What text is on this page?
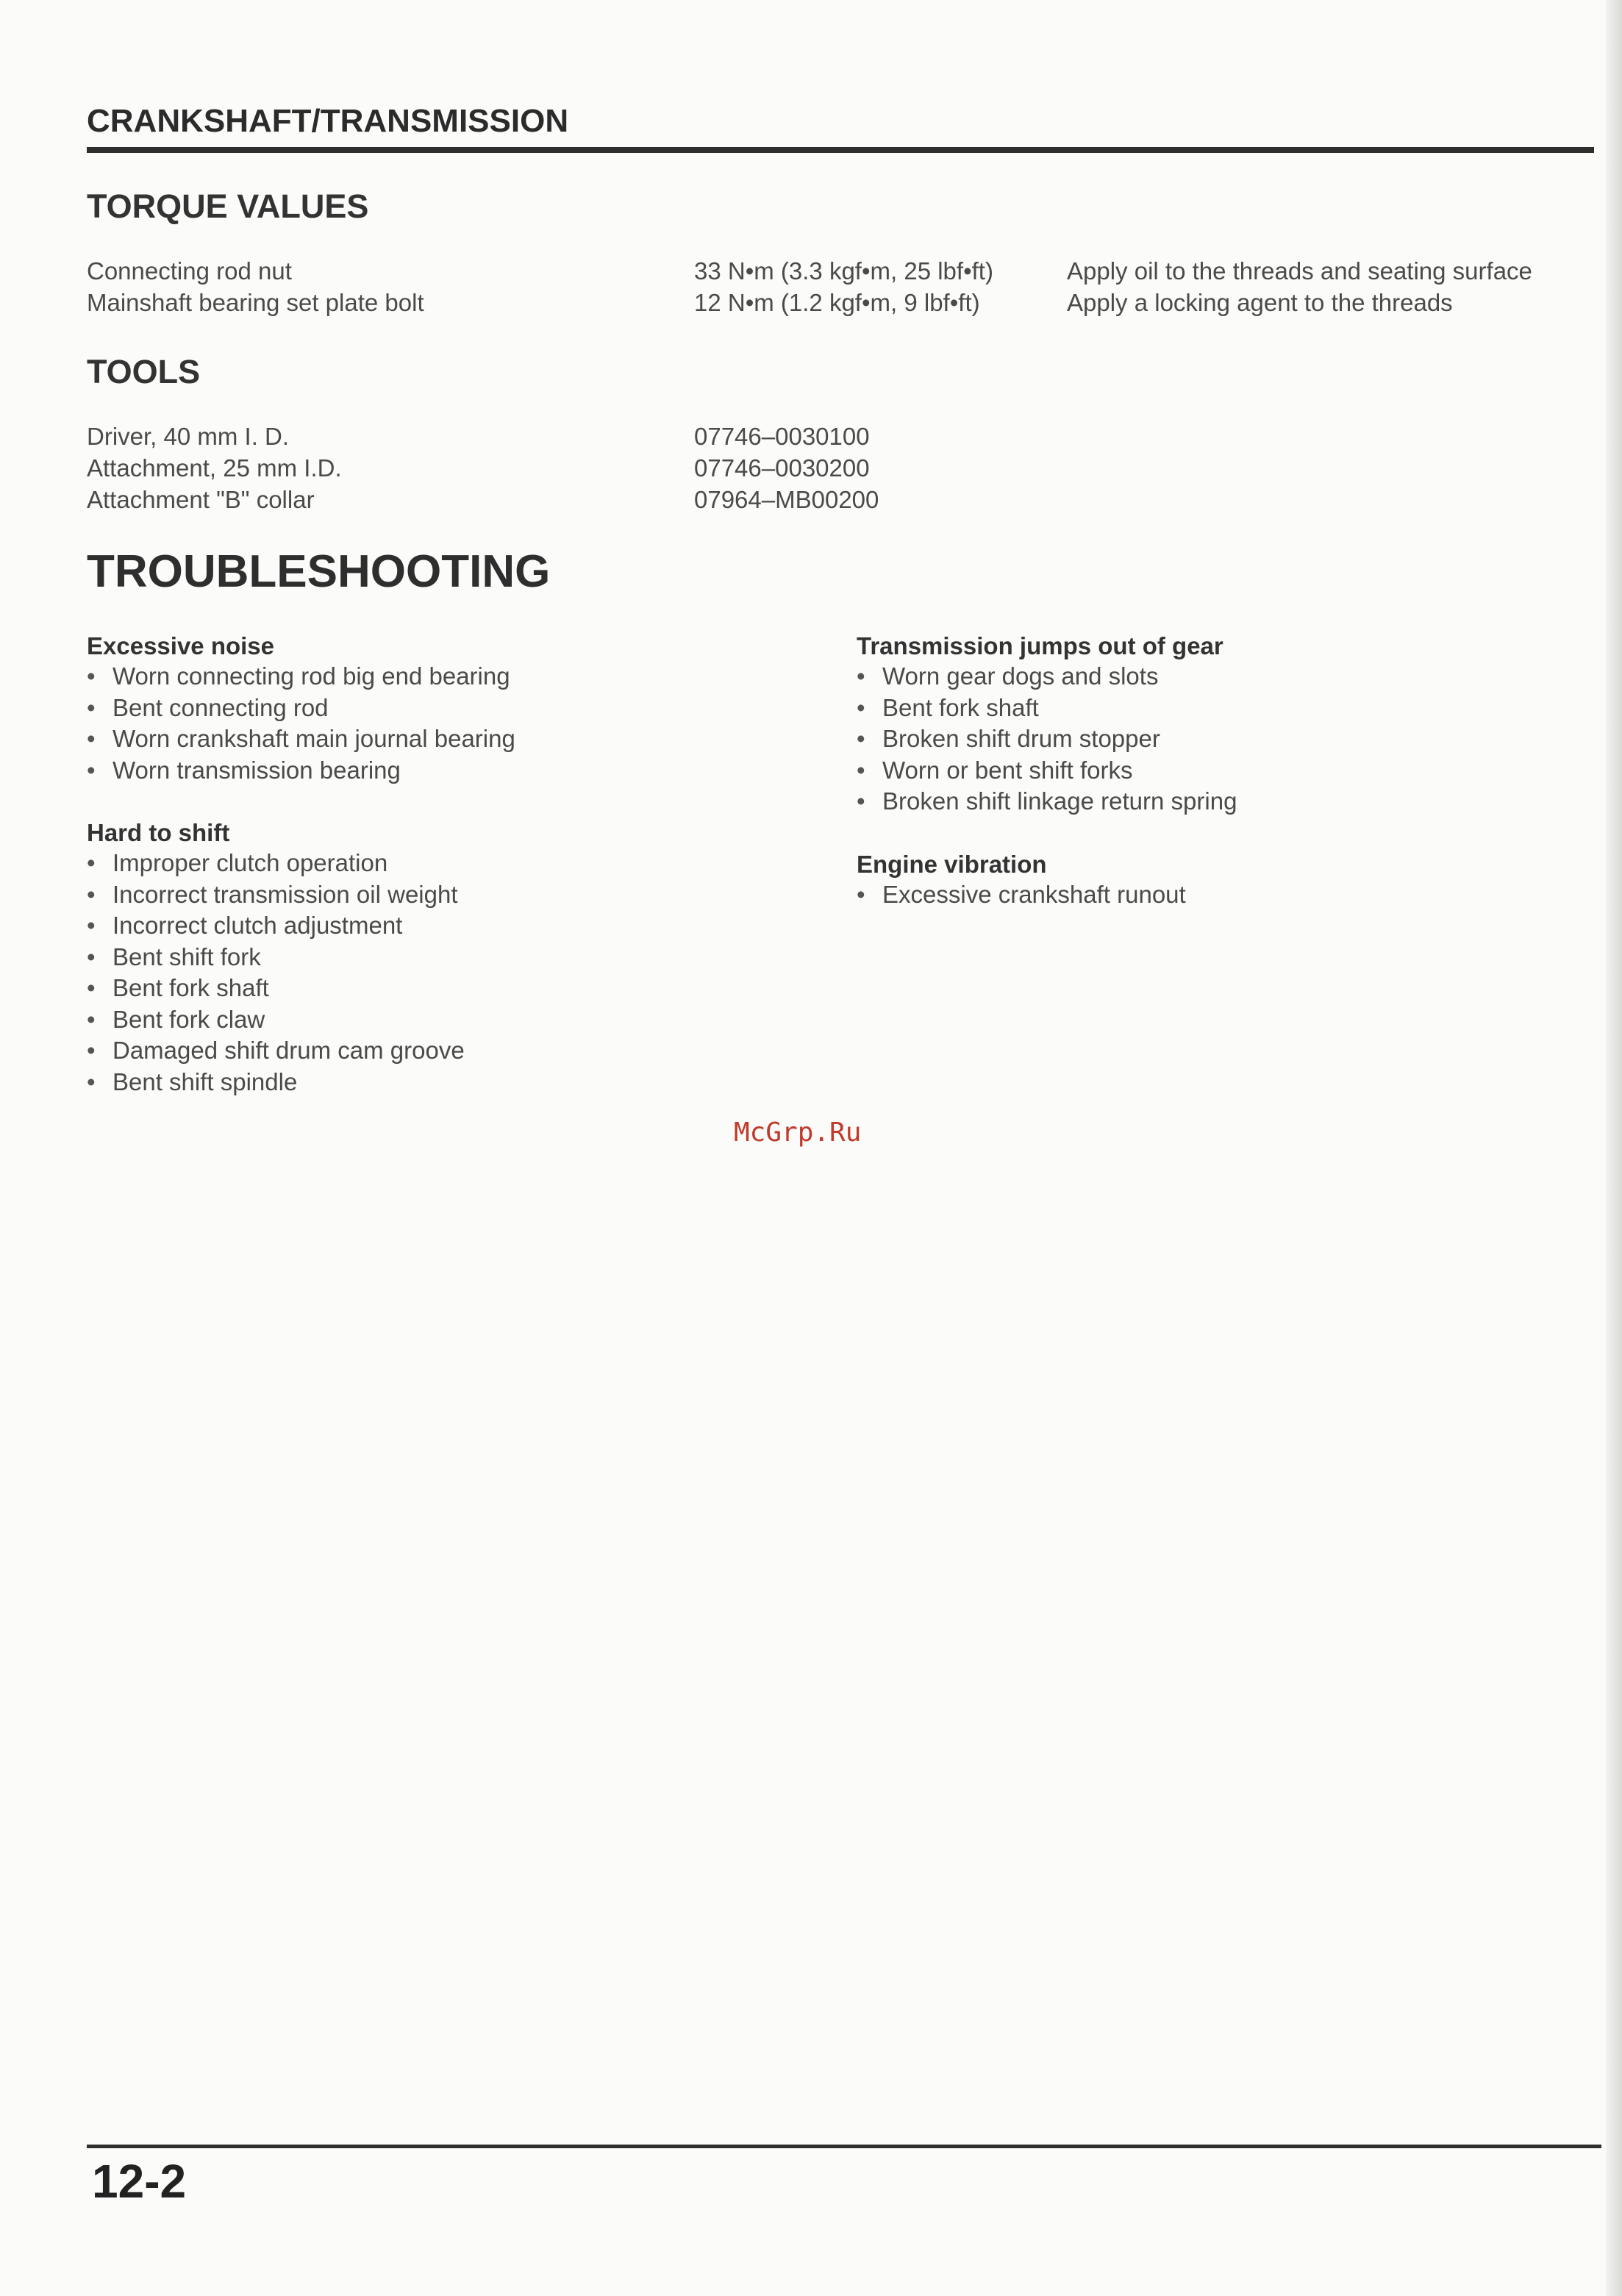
CRANKSHAFT/TRANSMISSION
TORQUE VALUES
Connecting rod nut	33 N•m (3.3 kgf•m, 25 lbf•ft)	Apply oil to the threads and seating surface
Mainshaft bearing set plate bolt	12 N•m (1.2 kgf•m, 9 lbf•ft)	Apply a locking agent to the threads
TOOLS
Driver, 40 mm I. D.	07746–0030100
Attachment, 25 mm I.D.	07746–0030200
Attachment "B" collar	07964–MB00200
TROUBLESHOOTING
Excessive noise
• Worn connecting rod big end bearing
• Bent connecting rod
• Worn crankshaft main journal bearing
• Worn transmission bearing
Hard to shift
• Improper clutch operation
• Incorrect transmission oil weight
• Incorrect clutch adjustment
• Bent shift fork
• Bent fork shaft
• Bent fork claw
• Damaged shift drum cam groove
• Bent shift spindle
Transmission jumps out of gear
• Worn gear dogs and slots
• Bent fork shaft
• Broken shift drum stopper
• Worn or bent shift forks
• Broken shift linkage return spring
Engine vibration
• Excessive crankshaft runout
McGrp.Ru
12-2
